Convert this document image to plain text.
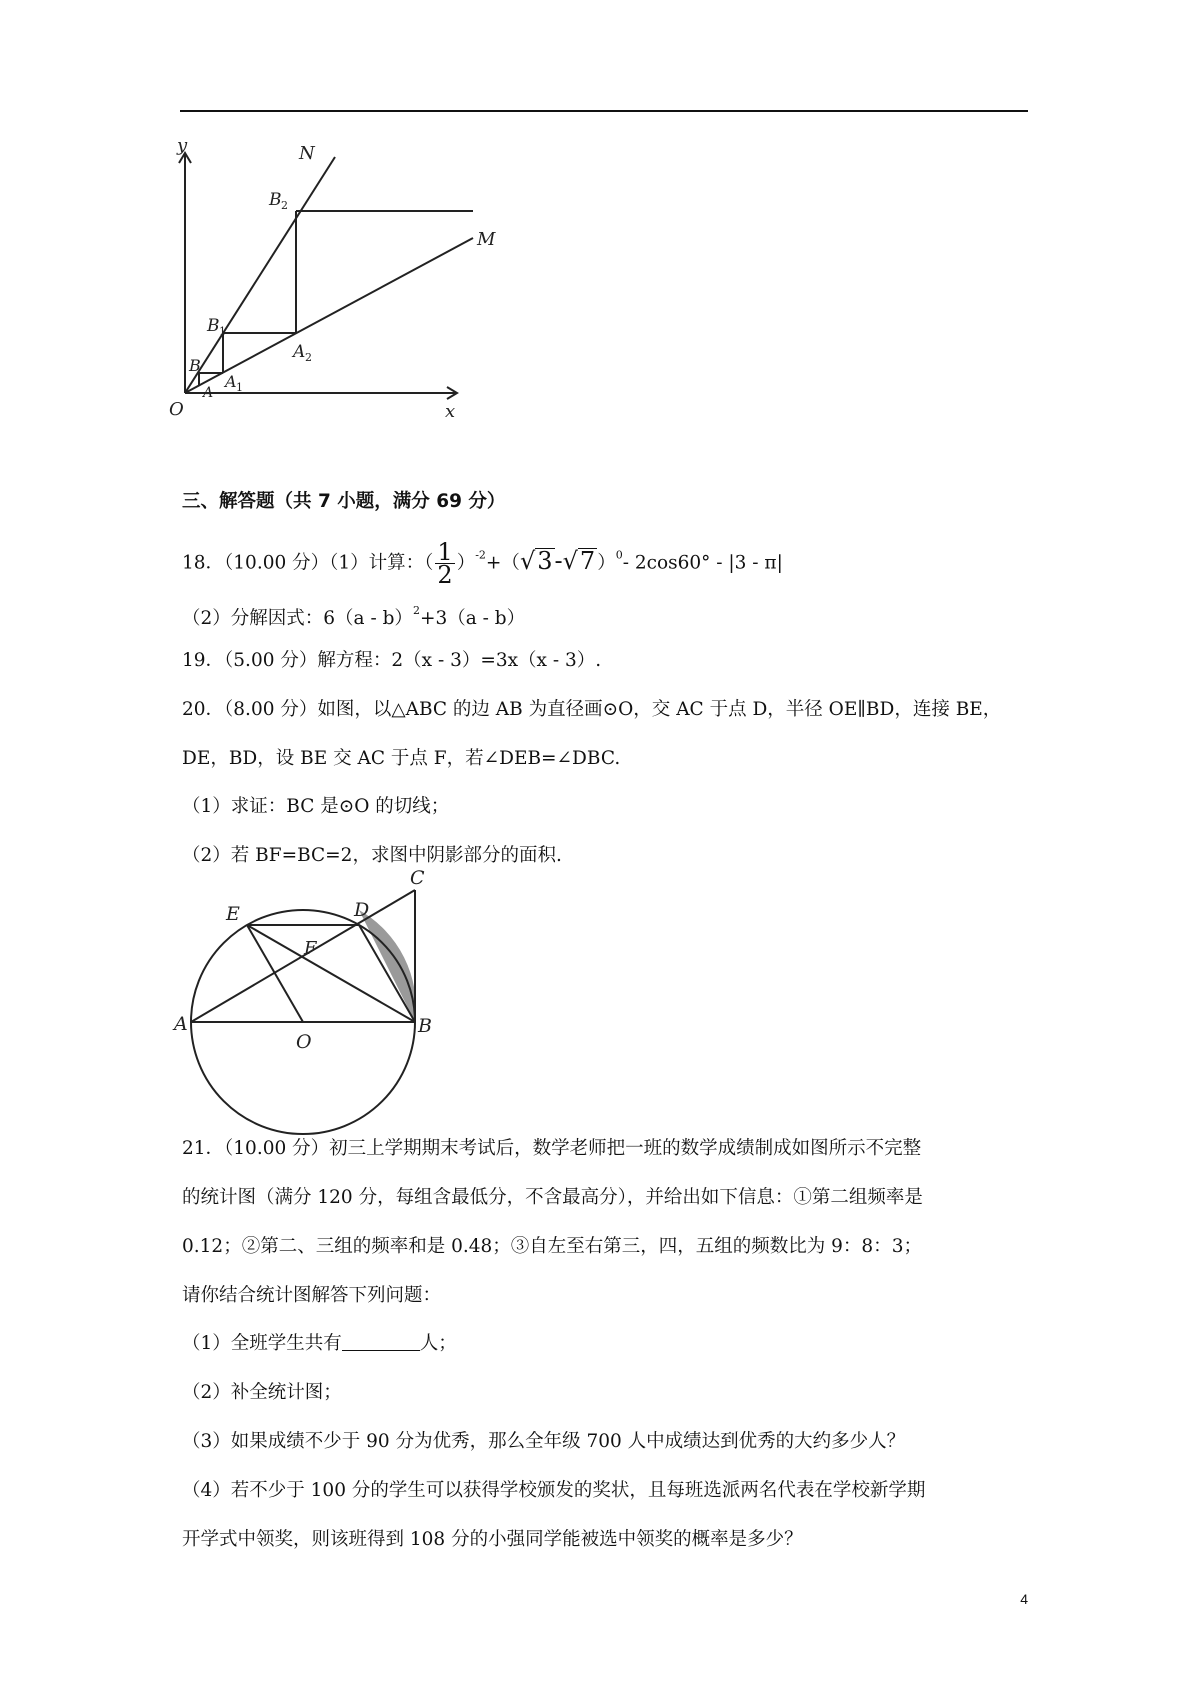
y
x
O
N
M
B 2
B 1
A 2
B
A 1
A
三、解答题（共 7 小题，满分 69 分）
18．（10.00 分）（1）计算：（ $\frac{1}{2} )^{-2}+(√3-√7$ ）$^0$- 2cos60° - |3 - π|
（2）分解因式：6（a - b）$^2$+3（a - b）
19．（5.00 分）解方程：2（x - 3）=3x（x - 3）.
20．（8.00 分）如图，以△ABC 的边 AB 为直径画⊙O，交 AC 于点 D，半径 OE∥BD，连接 BE，
DE，BD，设 BE 交 AC 于点 F，若∠DEB=∠DBC.
（1）求证：BC 是⊙O 的切线；
（2）若 BF=BC=2，求图中阴影部分的面积.
E	D
C
F
A
O
B
21．（10.00 分）初三上学期期末考试后，数学老师把一班的数学成绩制成如图所示不完整
的统计图（满分 120 分，每组含最低分，不含最高分），并给出如下信息：①第二组频率是
0.12；②第二、三组的频率和是 0.48；③自左至右第三，四，五组的频数比为 9：8：3；
请你结合统计图解答下列问题：
（1）全班学生共有	人；
（2）补全统计图；
（3）如果成绩不少于 90 分为优秀，那么全年级 700 人中成绩达到优秀的大约多少人？
（4）若不少于 100 分的学生可以获得学校颁发的奖状，且每班选派两名代表在学校新学期
开学式中领奖，则该班得到 108 分的小强同学能被选中领奖的概率是多少？
4
